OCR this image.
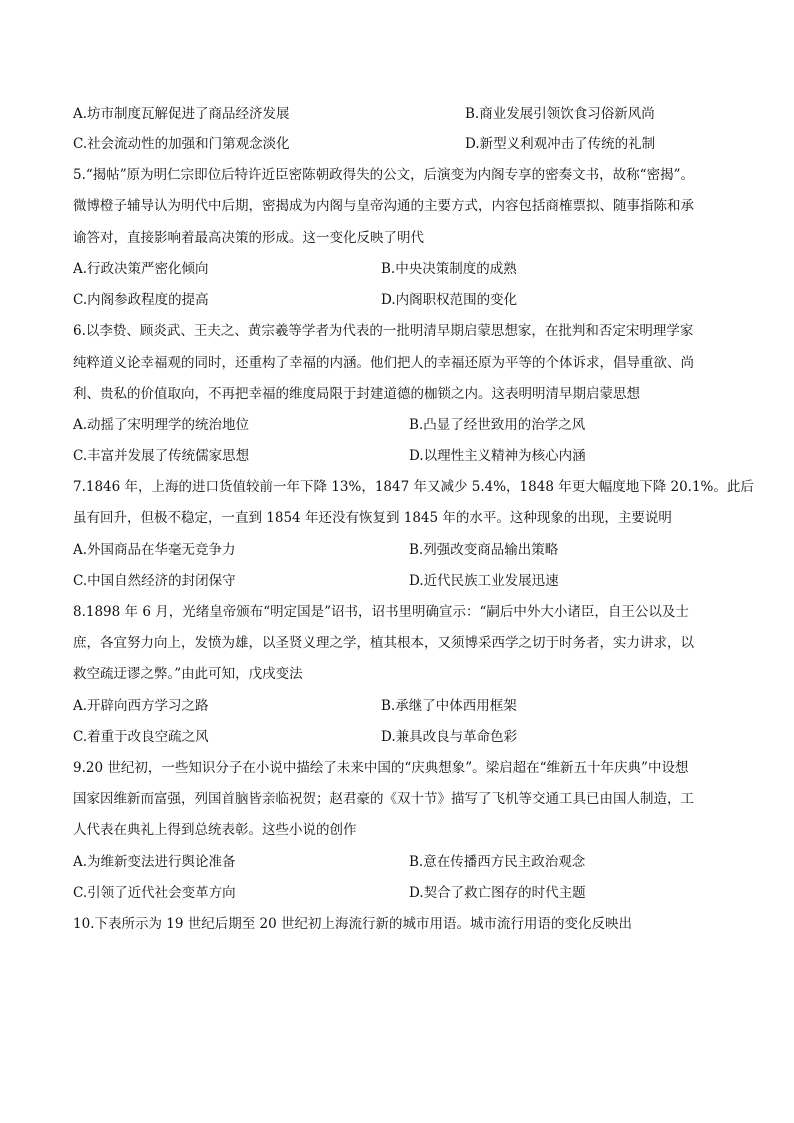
A.坊市制度瓦解促进了商品经济发展	B.商业发展引领饮食习俗新风尚
C.社会流动性的加强和门第观念淡化	D.新型义利观冲击了传统的礼制
5.“揭帖”原为明仁宗即位后特许近臣密陈朝政得失的公文，后演变为内阁专享的密奏文书，故称“密揭”。
微博橙子辅导认为明代中后期，密揭成为内阁与皇帝沟通的主要方式，内容包括商榷票拟、随事指陈和承
谕答对，直接影响着最高决策的形成。这一变化反映了明代
A.行政决策严密化倾向	B.中央决策制度的成熟
C.内阁参政程度的提高	D.内阁职权范围的变化
6.以李贽、顾炎武、王夫之、黄宗羲等学者为代表的一批明清早期启蒙思想家，在批判和否定宋明理学家
纯粹道义论幸福观的同时，还重构了幸福的内涵。他们把人的幸福还原为平等的个体诉求，倡导重欲、尚
利、贵私的价值取向，不再把幸福的维度局限于封建道德的枷锁之内。这表明明清早期启蒙思想
A.动摇了宋明理学的统治地位	B.凸显了经世致用的治学之风
C.丰富并发展了传统儒家思想	D.以理性主义精神为核心内涵
7.1846 年，上海的进口货值较前一年下降 13%，1847 年又减少 5.4%，1848 年更大幅度地下降 20.1%。此后
虽有回升，但极不稳定，一直到 1854 年还没有恢复到 1845 年的水平。这种现象的出现，主要说明
A.外国商品在华毫无竞争力	B.列强改变商品输出策略
C.中国自然经济的封闭保守	D.近代民族工业发展迅速
8.1898 年 6 月，光绪皇帝颁布“明定国是”诏书，诏书里明确宣示：“嗣后中外大小诸臣，自王公以及士
庶，各宜努力向上，发愤为雄，以圣贤义理之学，植其根本，又须博采西学之切于时务者，实力讲求，以
救空疏迂谬之弊。”由此可知，戊戌变法
A.开辟向西方学习之路	B.承继了中体西用框架
C.着重于改良空疏之风	D.兼具改良与革命色彩
9.20 世纪初，一些知识分子在小说中描绘了未来中国的“庆典想象”。梁启超在“维新五十年庆典”中设想
国家因维新而富强，列国首脑皆亲临祝贺；赵君豪的《双十节》描写了飞机等交通工具已由国人制造，工
人代表在典礼上得到总统表彰。这些小说的创作
A.为维新变法进行舆论准备	B.意在传播西方民主政治观念
C.引领了近代社会变革方向	D.契合了救亡图存的时代主题
10.下表所示为 19 世纪后期至 20 世纪初上海流行新的城市用语。城市流行用语的变化反映出
